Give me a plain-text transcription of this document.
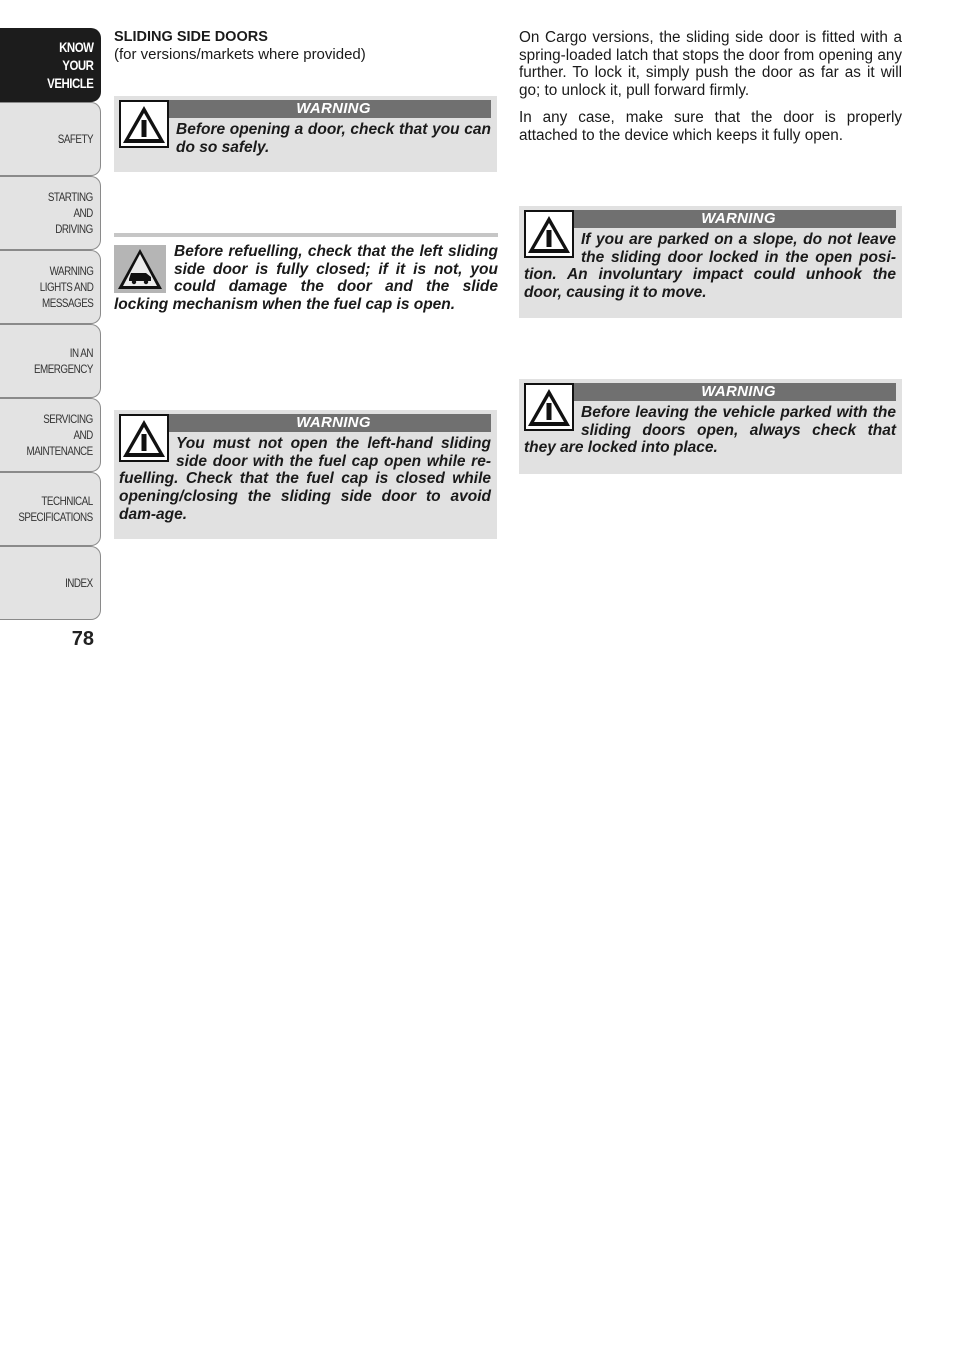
KNOW
YOUR
VEHICLE
SAFETY
STARTING
AND
DRIVING
WARNING
LIGHTS AND
MESSAGES
IN AN
EMERGENCY
SERVICING
AND
MAINTENANCE
TECHNICAL
SPECIFICATIONS
INDEX
78
SLIDING SIDE DOORS
(for versions/markets where provided)
WARNING
Before opening a door, check that you can do so safely.
Before refuelling, check that the left sliding side door is fully closed; if it is not, you could damage the door and the slide locking mechanism when the fuel cap is open.
WARNING
You must not open the left-hand sliding side door with the fuel cap open while re-fuelling. Check that the fuel cap is closed while opening/closing the sliding side door to avoid dam-age.

On Cargo versions, the sliding side door is fitted with a spring-loaded latch that stops the door from opening any further. To lock it, simply push the door as far as it will go; to unlock it, pull forward firmly.

In any case, make sure that the door is properly attached to the device which keeps it fully open.

WARNING
If you are parked on a slope, do not leave the sliding door locked in the open posi-tion. An involuntary impact could unhook the door, causing it to move.
WARNING
Before leaving the vehicle parked with the sliding doors open, always check that they are locked into place.
